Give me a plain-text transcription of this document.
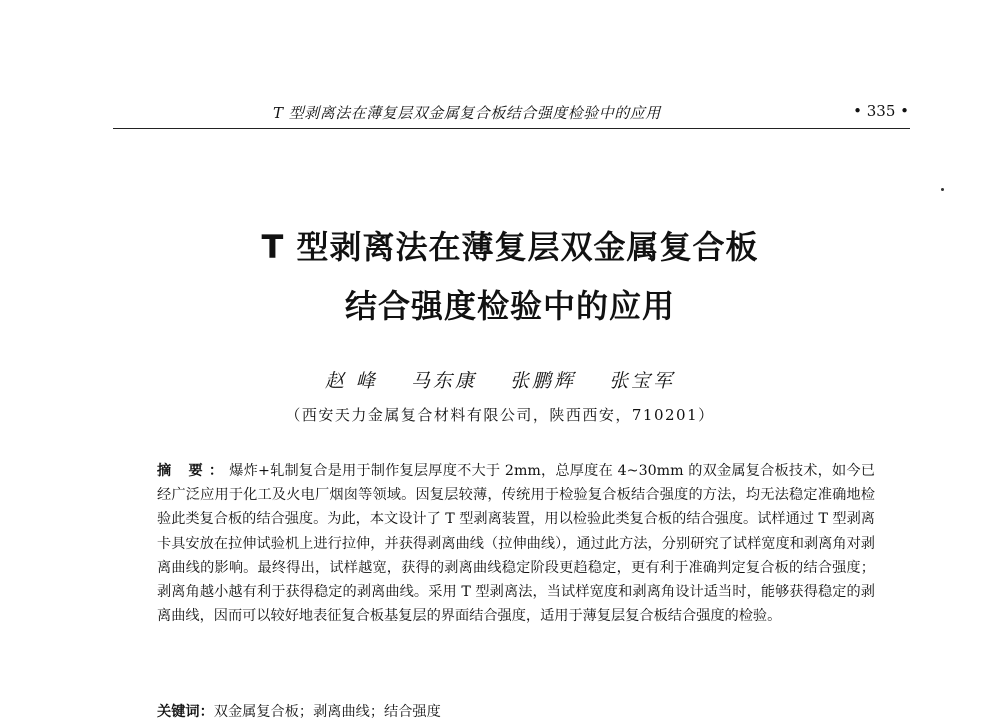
T 型剥离法在薄复层双金属复合板结合强度检验中的应用	• 335 •
T 型剥离法在薄复层双金属复合板
结合强度检验中的应用
赵 峰 马东康 张鹏辉 张宝军
（西安天力金属复合材料有限公司，陕西西安，710201）
摘 要：爆炸+轧制复合是用于制作复层厚度不大于 2mm，总厚度在 4~30mm 的双金属复合板技术，如今已经广泛应用于化工及火电厂烟囱等领域。因复层较薄，传统用于检验复合板结合强度的方法，均无法稳定准确地检验此类复合板的结合强度。为此，本文设计了 T 型剥离装置，用以检验此类复合板的结合强度。试样通过 T 型剥离卡具安放在拉伸试验机上进行拉伸，并获得剥离曲线（拉伸曲线），通过此方法，分别研究了试样宽度和剥离角对剥离曲线的影响。最终得出，试样越宽，获得的剥离曲线稳定阶段更趋稳定，更有利于准确判定复合板的结合强度；剥离角越小越有利于获得稳定的剥离曲线。采用 T 型剥离法，当试样宽度和剥离角设计适当时，能够获得稳定的剥离曲线，因而可以较好地表征复合板基复层的界面结合强度，适用于薄复层复合板结合强度的检验。
关键词：双金属复合板；剥离曲线；结合强度
